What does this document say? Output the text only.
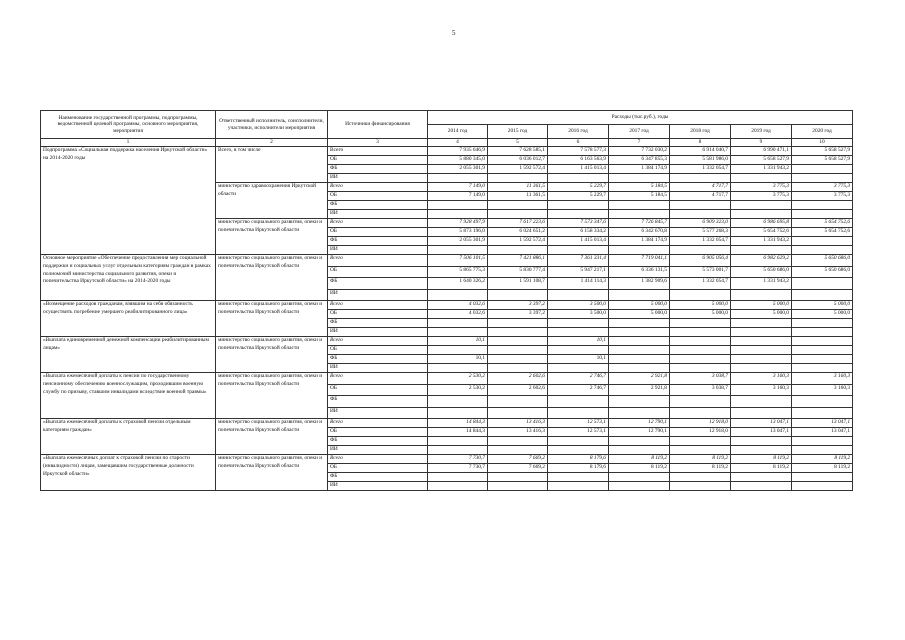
5
Наименование государственной программы, подпрограммы, ведомственной целевой программы, основного мероприятия, мероприятия	Ответственный исполнитель, соисполнители, участники, исполнители мероприятия	Источники финансирования	Расходы (тыс.руб.), годы						
			2014 год	2015 год	2016 год	2017 год	2018 год	2019 год	2020 год
1	2	3	4	5	6	7	8	9	10
Подпрограмма «Социальная поддержка населения Иркутской области» на 2014-2020 годы	Всего, в том числе	Всего	7 935 646,9	7 628 585,1	7 578 577,3	7 732 030,2	6 914 040,7	6 990 471,1	5 658 527,9
		ОБ	5 880 345,0	6 036 012,7	6 163 563,9	6 347 855,3	5 581 986,0	5 658 527,9	5 658 527,9
		ФБ	2 055 301,9	1 592 572,4	1 415 013,4	1 384 174,9	1 332 054,7	1 331 943,2	
		ИИ							
	министерство здравоохранения Иркутской области	Всего	7 149,0	11 361,5	5 229,7	5 184,5	4 717,7	3 775,3	3 775,3
		ОБ	7 149,0	11 361,5	5 229,7	5 184,5	4 717,7	3 775,3	3 775,3
		ФБ							
		ИИ							
	министерство социального развития, опеки и попечительства Иркутской области	Всего	7 928 497,9	7 617 223,6	7 573 347,6	7 726 845,7	6 909 323,0	6 986 695,8	5 654 752,6
		ОБ	5 873 196,0	6 024 651,2	6 158 334,2	6 342 670,8	5 577 268,3	5 654 752,6	5 654 752,6
		ФБ	2 055 301,9	1 592 572,4	1 415 013,4	1 384 174,9	1 332 054,7	1 331 943,2	
		ИИ							
Основное мероприятие «Обеспечение предоставления мер социальной поддержки и социальных услуг отдельным категориям граждан в рамках полномочий министерства социального развития, опеки и попечительства Иркутской области» на 2014-2020 годы	министерство социального развития, опеки и попечительства Иркутской области	Всего	7 506 101,5	7 421 886,1	7 361 331,4	7 719 041,1	6 905 056,4	6 982 629,2	5 650 686,0
		ОБ	5 865 775,3	5 830 777,4	5 947 217,1	6 336 131,5	5 573 001,7	5 650 686,0	5 650 686,0
		ФБ	1 640 326,2	1 591 108,7	1 414 114,3	1 382 909,6	1 332 054,7	1 331 943,2	
		ИИ							
«Возмещение расходов гражданам, взявшим на себя обязанность осуществить погребение умершего реабилитированного лица»	министерство социального развития, опеки и попечительства Иркутской области	Всего	4 032,6	3 397,2	3 500,0	5 000,0	5 000,0	5 000,0	5 000,0
		ОБ	4 032,6	3 397,2	3 500,0	5 000,0	5 000,0	5 000,0	5 000,0
		ФБ							
		ИИ							
«Выплата единовременной денежной компенсации реабилитированным лицам»	министерство социального развития, опеки и попечительства Иркутской области	Всего	10,1		10,1				
		ОБ							
		ФБ	10,1		10,1				
		ИИ							
«Выплата ежемесячной доплаты к пенсии по государственному пенсионному обеспечению военнослужащим, проходившим военную службу по призыву, ставшим инвалидами вследствие военной травмы»	министерство социального развития, опеки и попечительства Иркутской области	Всего	2 530,2	2 602,6	2 746,7	2 921,8	3 038,7	3 160,3	3 160,3
		ОБ	2 530,2	2 602,6	2 746,7	2 921,8	3 038,7	3 160,3	3 160,3
		ФБ							
		ИИ							
«Выплата ежемесячной доплаты к страховой пенсии отдельным категориям граждан»	министерство социального развития, опеки и попечительства Иркутской области	Всего	14 844,3	13 416,3	12 573,1	12 790,1	12 918,0	13 047,1	13 047,1
		ОБ	14 844,3	13 416,3	12 573,1	12 790,1	12 918,0	13 047,1	13 047,1
		ФБ							
		ИИ							
«Выплата ежемесячных доплат к страховой пенсии по старости (инвалидности) лицам, замещавшим государственные должности Иркутской области»	министерство социального развития, опеки и попечительства Иркутской области	Всего	7 730,7	7 669,2	8 179,6	8 119,2	8 119,2	8 119,2	8 119,2
		ОБ	7 730,7	7 669,2	8 179,6	8 119,2	8 119,2	8 119,2	8 119,2
		ФБ							
		ИИ							
